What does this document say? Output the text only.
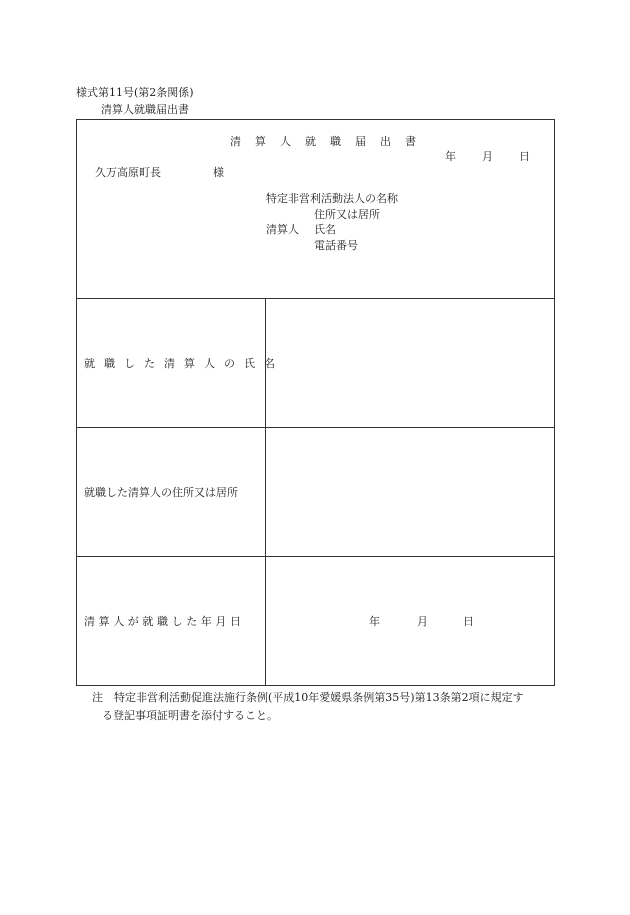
様式第11号(第2条関係)
清算人就職届出書
清算人就職届出書
年 月 日
久万高原町長	様
特定非営利活動法人の名称
住所又は居所
清算人 氏名
電話番号
就職した清算人の氏名
就職した清算人の住所又は居所
清算人が就職した年月日	年	月	日
注　特定非営利活動促進法施行条例(平成10年愛媛県条例第35号)第13条第2項に規定す
る登記事項証明書を添付すること。
